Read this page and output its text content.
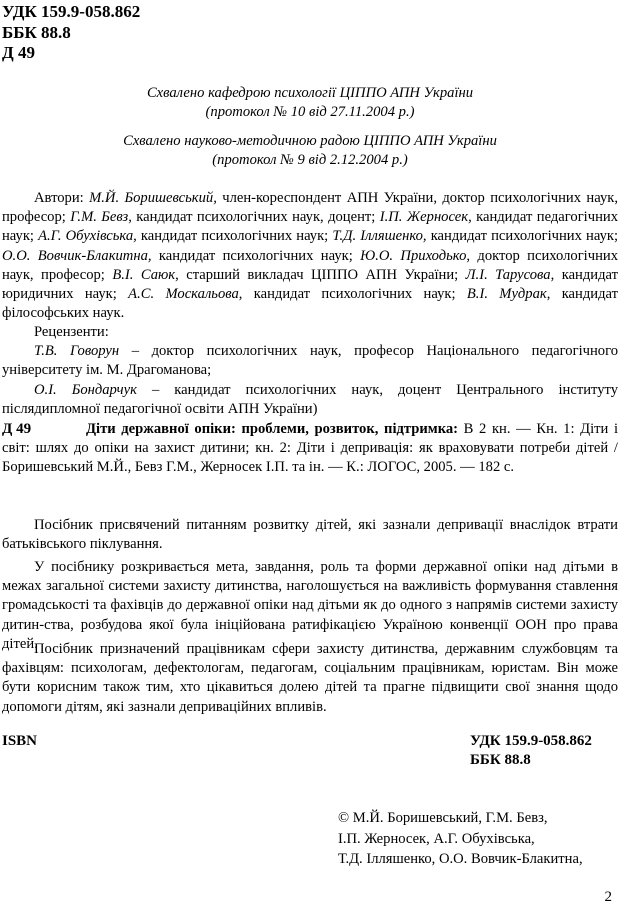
УДК 159.9-058.862
ББК 88.8
Д 49
Схвалено кафедрою психології ЦІППО АПН України
(протокол № 10 від 27.11.2004 р.)
Схвалено науково-методичною радою ЦІППО АПН України
(протокол № 9 від 2.12.2004 р.)
Автори: М.Й. Боришевський, член-кореспондент АПН України, доктор психологічних наук, професор; Г.М. Бевз, кандидат психологічних наук, доцент; І.П. Жерносек, кандидат педагогічних наук; А.Г. Обухівська, кандидат психологічних наук; Т.Д. Ілляшенко, кандидат психологічних наук; О.О. Вовчик-Блакитна, кандидат психологічних наук; Ю.О. Приходько, доктор психологічних наук, професор; В.І. Саюк, старший викладач ЦІППО АПН України; Л.І. Тарусова, кандидат юридичних наук; А.С. Москальова, кандидат психологічних наук; В.І. Мудрак, кандидат філософських наук.
Рецензенти:
Т.В. Говорун – доктор психологічних наук, професор Національного педагогічного університету ім. М. Драгоманова;
О.І. Бондарчук – кандидат психологічних наук, доцент Центрального інституту післядипломної педагогічної освіти АПН України)
Д 49	Діти державної опіки: проблеми, розвиток, підтримка: В 2 кн. — Кн. 1: Діти і світ: шлях до опіки на захист дитини; кн. 2: Діти і депривація: як враховувати потреби дітей / Боришевський М.Й., Бевз Г.М., Жерносек І.П. та ін. — К.: ЛОГОС, 2005. — 182 с.
Посібник присвячений питанням розвитку дітей, які зазнали депривації внаслідок втрати батьківського піклування.
У посібнику розкривається мета, завдання, роль та форми державної опіки над дітьми в межах загальної системи захисту дитинства, наголошується на важливість формування ставлення громадськості та фахівців до державної опіки над дітьми як до одного з напрямів системи захисту дитин-ства, розбудова якої була ініційована ратифікацією Україною конвенції ООН про права дітей.
Посібник призначений працівникам сфери захисту дитинства, державним службовцям та фахівцям: психологам, дефектологам, педагогам, соціальним працівникам, юристам. Він може бути корисним також тим, хто цікавиться долею дітей та прагне підвищити свої знання щодо допомоги дітям, які зазнали деприваційних впливів.
ISBN	УДК 159.9-058.862
ББК 88.8
© М.Й. Боришевський, Г.М. Бевз,
І.П. Жерносек, А.Г. Обухівська,
Т.Д. Ілляшенко, О.О. Вовчик-Блакитна,
2
